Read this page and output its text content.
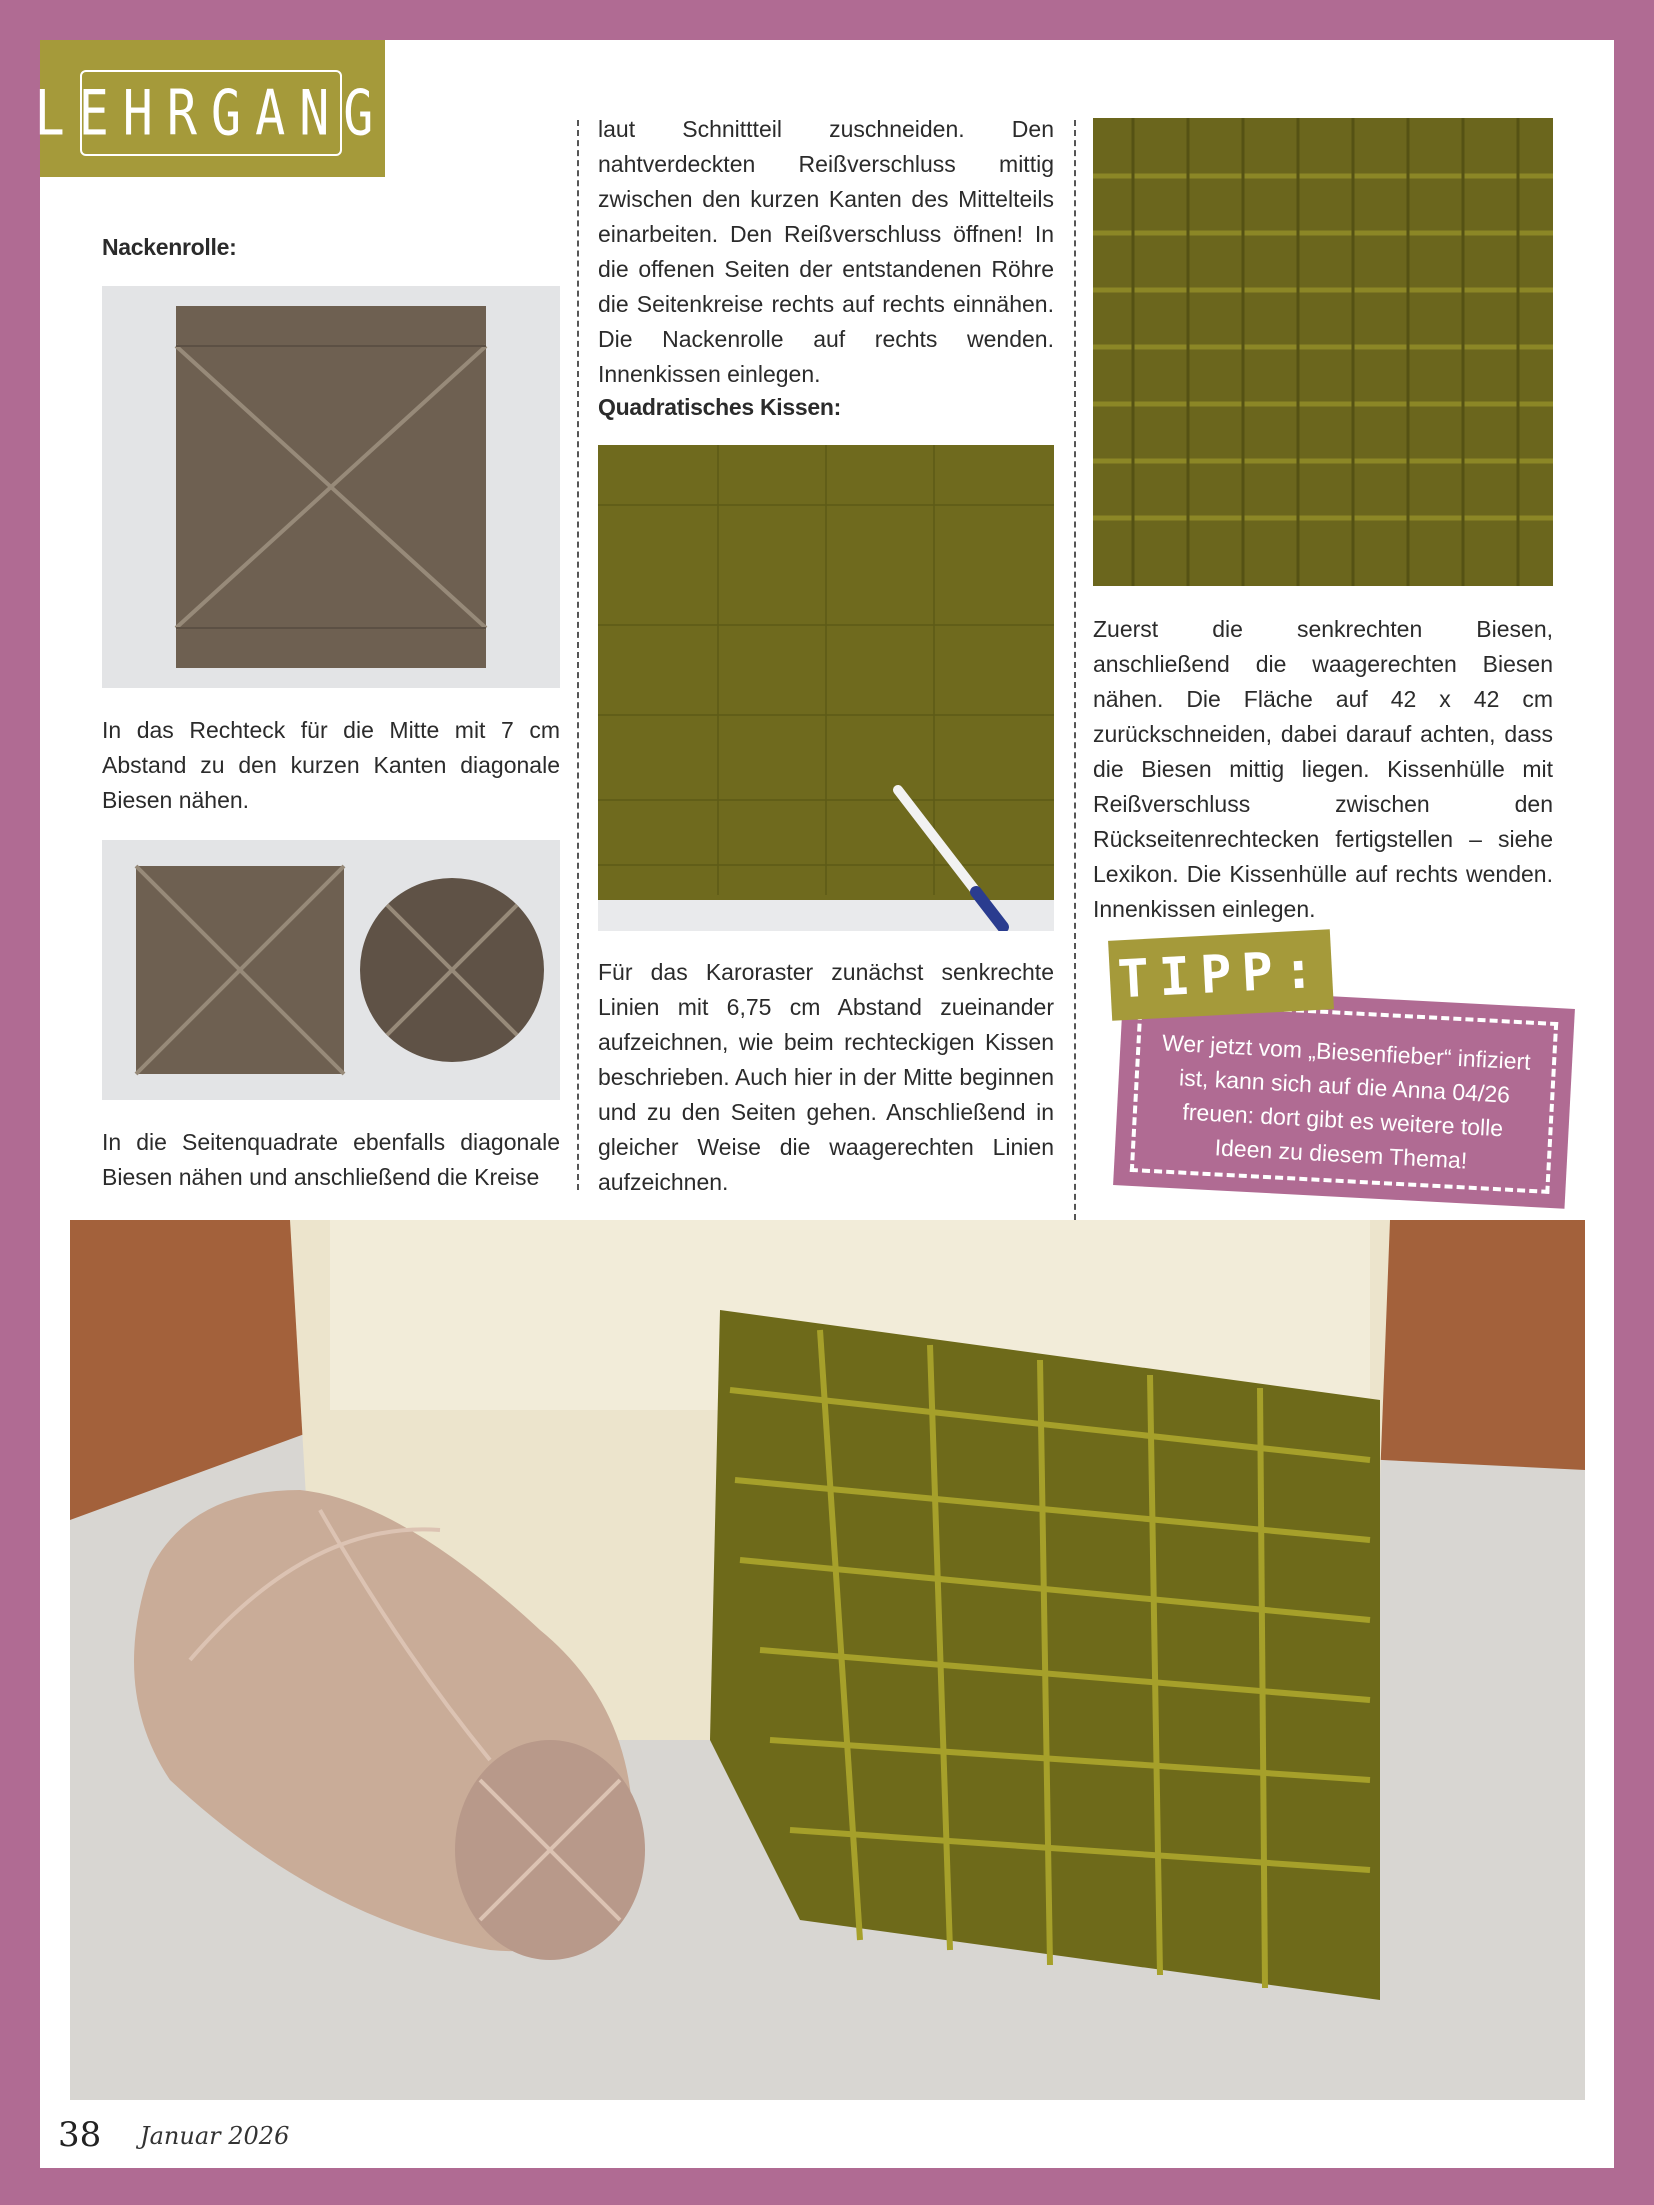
LEHRGANG
Nackenrolle:

In das Rechteck für die Mitte mit 7 cm Abstand zu den kurzen Kanten diagonale Biesen nähen.

In die Seitenquadrate ebenfalls diagonale Biesen nähen und anschließend die Kreise

laut Schnittteil zuschneiden. Den nahtverdeckten Reißverschluss mittig zwischen den kurzen Kanten des Mittelteils einarbeiten. Den Reißverschluss öffnen! In die offenen Seiten der entstandenen Röhre die Seitenkreise rechts auf rechts einnähen. Die Nackenrolle auf rechts wenden. Innenkissen einlegen.

Quadratisches Kissen:

Für das Karoraster zunächst senkrechte Linien mit 6,75 cm Abstand zueinander aufzeichnen, wie beim rechteckigen Kissen beschrieben. Auch hier in der Mitte beginnen und zu den Seiten gehen. Anschließend in gleicher Weise die waagerechten Linien aufzeichnen.

Zuerst die senkrechten Biesen, anschließend die waagerechten Biesen nähen. Die Fläche auf 42 x 42 cm zurückschneiden, dabei darauf achten, dass die Biesen mittig liegen. Kissenhülle mit Reißverschluss zwischen den Rückseitenrechtecken fertigstellen – siehe Lexikon. Die Kissenhülle auf rechts wenden. Innenkissen einlegen.

Wer jetzt vom „Biesenfieber“ infiziert ist, kann sich auf die Anna 04/26 freuen: dort gibt es weitere tolle Ideen zu diesem Thema!
TIPP:
38 Januar 2026
